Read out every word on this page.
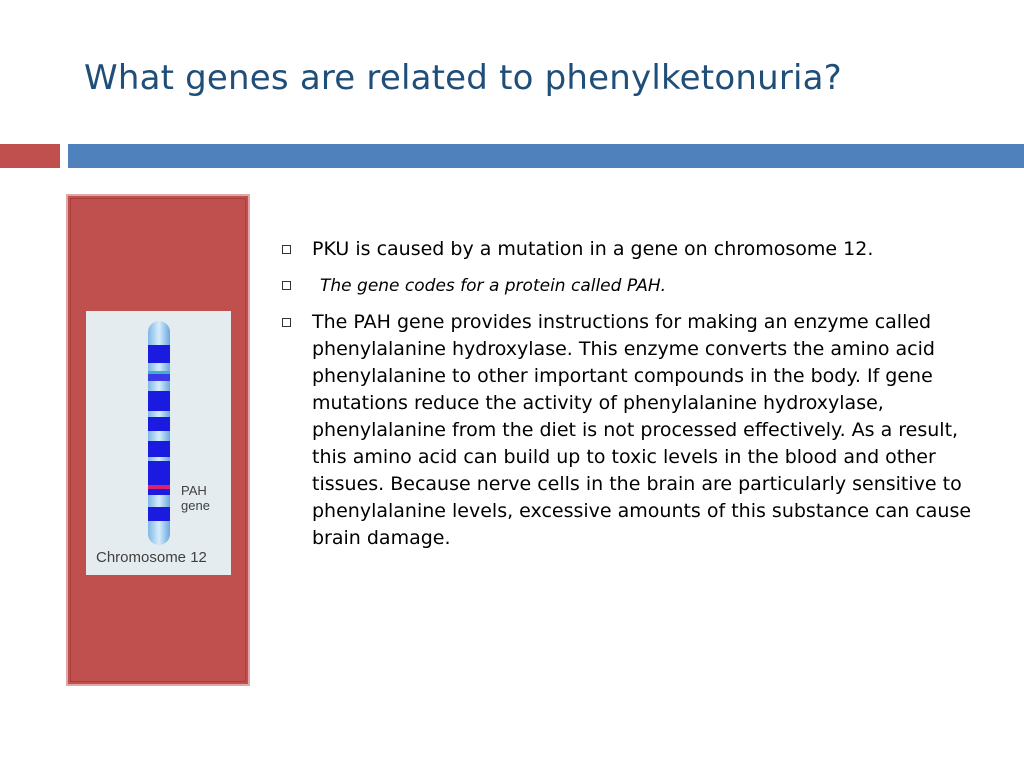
What genes are related to phenylketonuria?
PAH
gene
Chromosome 12
PKU is caused by a mutation in a gene on chromosome 12.
The gene codes for a protein called PAH.
The PAH gene provides instructions for making an enzyme called phenylalanine hydroxylase. This enzyme converts the amino acid phenylalanine to other important compounds in the body. If gene mutations reduce the activity of phenylalanine hydroxylase, phenylalanine from the diet is not processed effectively. As a result, this amino acid can build up to toxic levels in the blood and other tissues. Because nerve cells in the brain are particularly sensitive to phenylalanine levels, excessive amounts of this substance can cause brain damage.
